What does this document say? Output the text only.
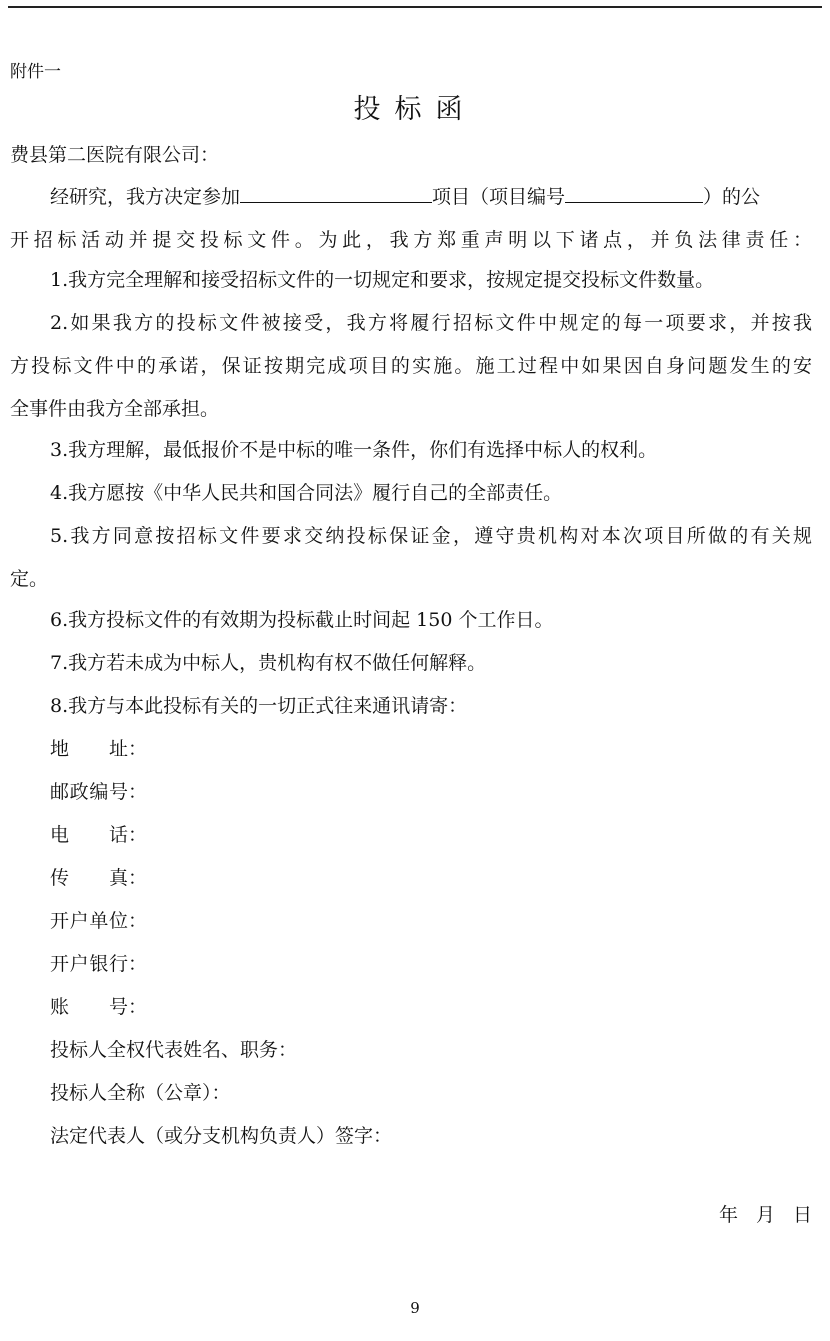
附件一
投标函
费县第二医院有限公司：
经研究，我方决定参加	项目（项目编号	）的公
开招标活动并提交投标文件。为此，我方郑重声明以下诸点，并负法律责任：
1.我方完全理解和接受招标文件的一切规定和要求，按规定提交投标文件数量。
2.如果我方的投标文件被接受，我方将履行招标文件中规定的每一项要求，并按我
方投标文件中的承诺，保证按期完成项目的实施。施工过程中如果因自身问题发生的安
全事件由我方全部承担。
3.我方理解，最低报价不是中标的唯一条件，你们有选择中标人的权利。
4.我方愿按《中华人民共和国合同法》履行自己的全部责任。
5.我方同意按招标文件要求交纳投标保证金，遵守贵机构对本次项目所做的有关规
定。
6.我方投标文件的有效期为投标截止时间起 150 个工作日。
7.我方若未成为中标人，贵机构有权不做任何解释。
8.我方与本此投标有关的一切正式往来通讯请寄：
地址：
邮政编号：
电话：
传真：
开户单位：
开户银行：
账号：
投标人全权代表姓名、职务：
投标人全称（公章）：
法定代表人（或分支机构负责人）签字：
年 月 日
9
